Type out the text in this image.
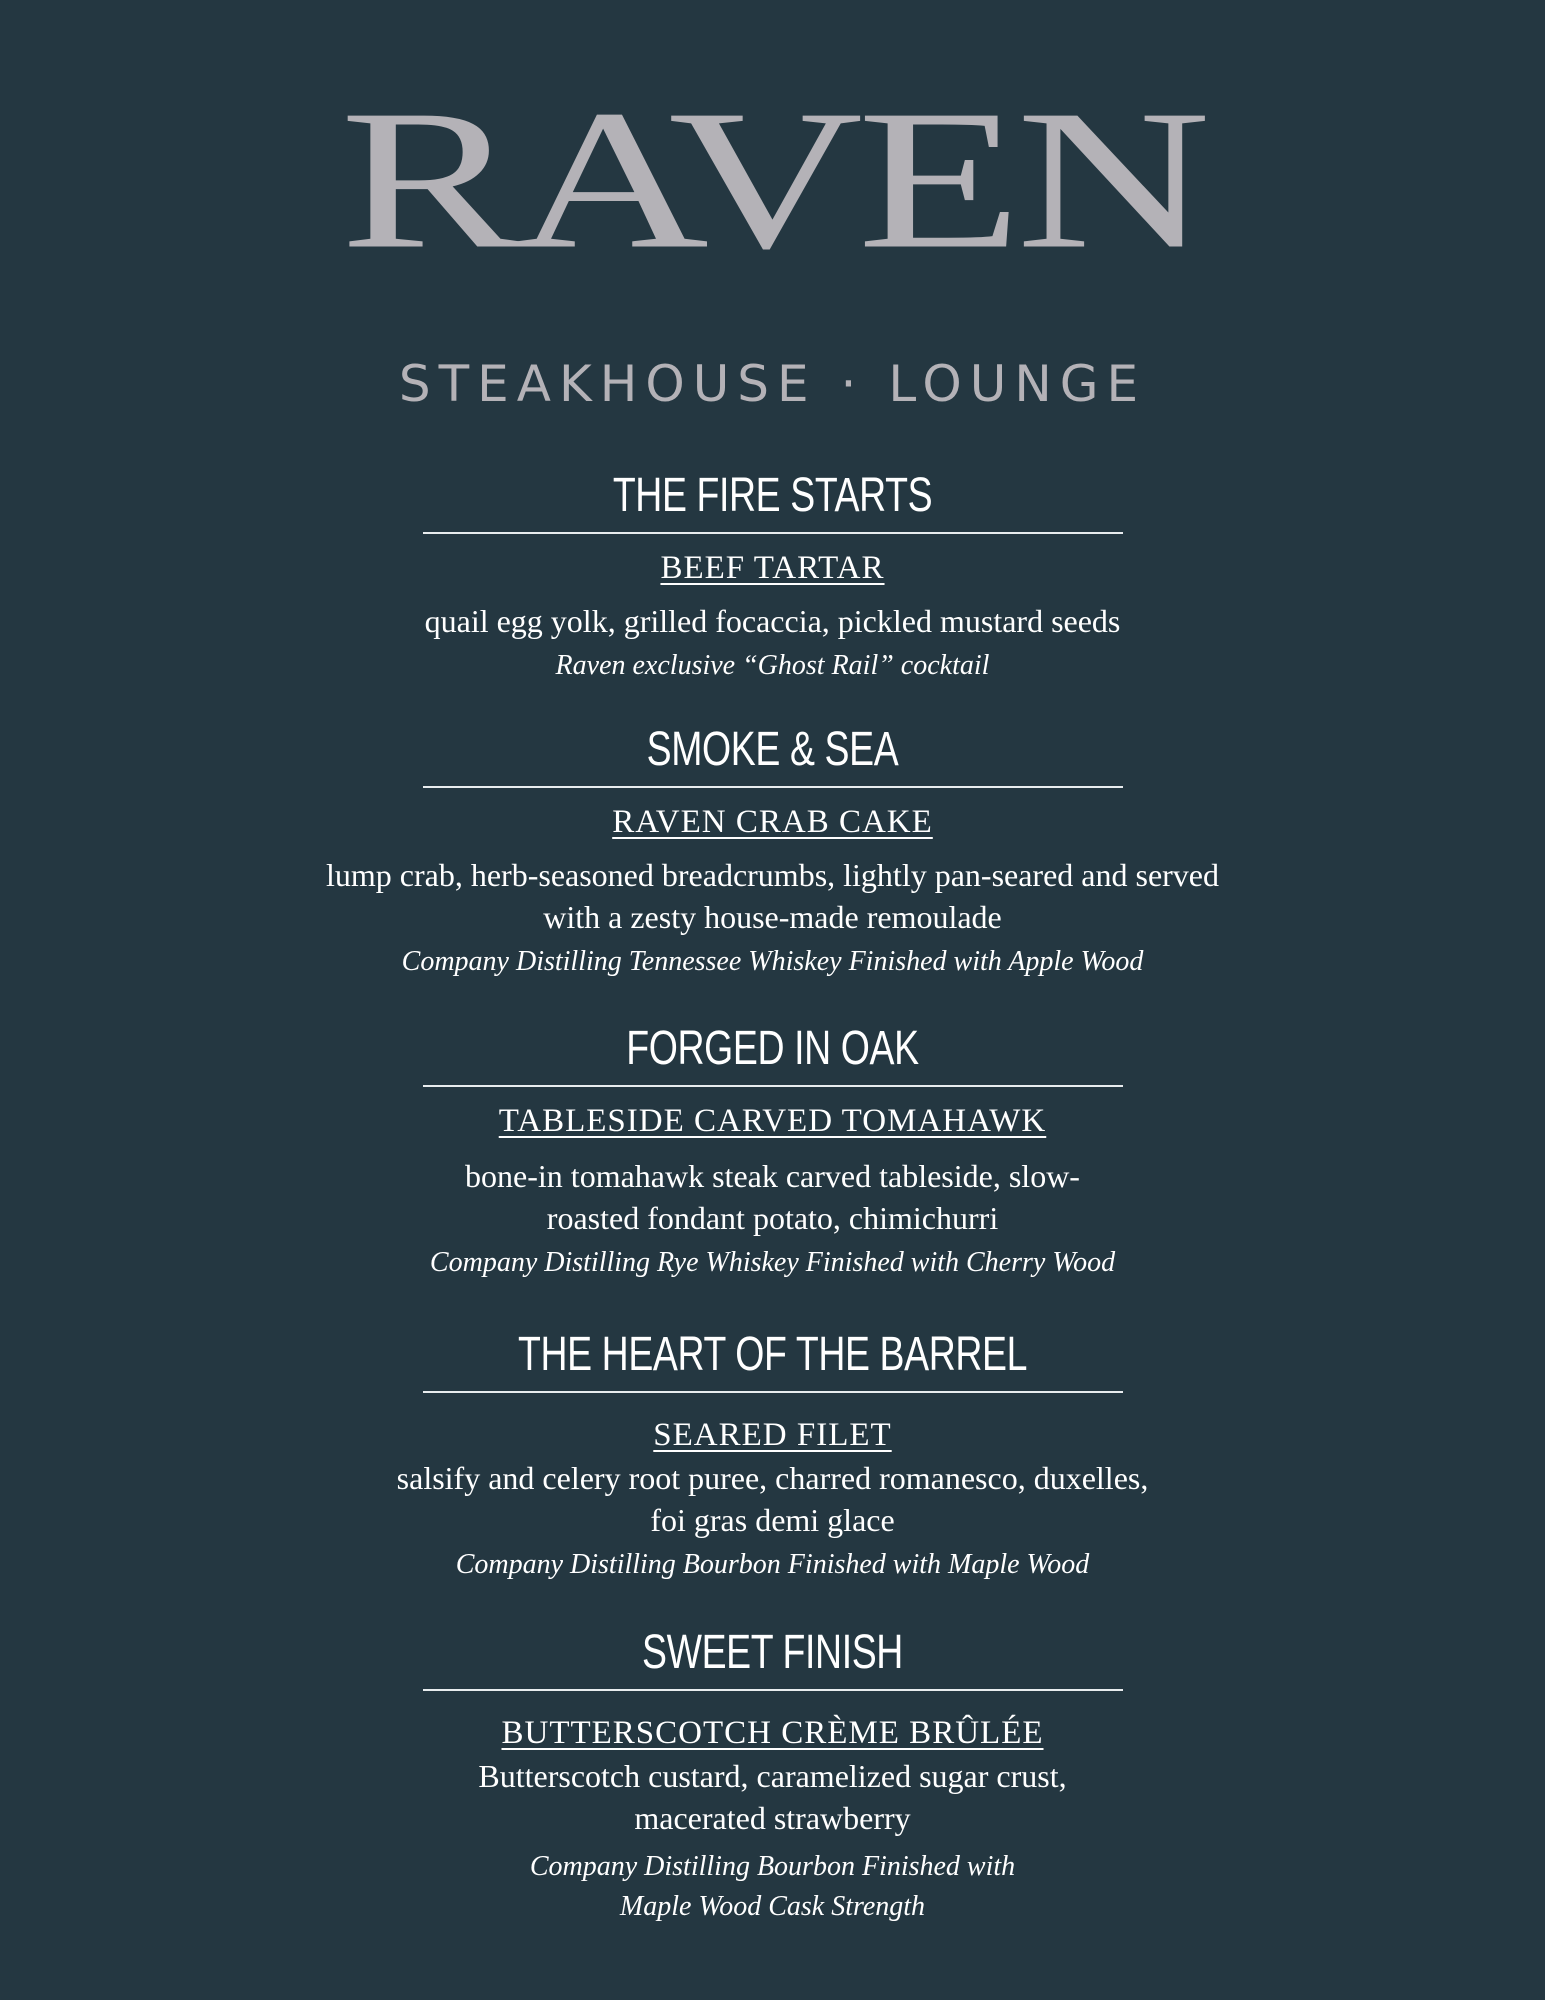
RAVEN
STEAKHOUSE · LOUNGE
THE FIRE STARTS
BEEF TARTAR
quail egg yolk, grilled focaccia, pickled mustard seeds
Raven exclusive “Ghost Rail” cocktail
SMOKE & SEA
RAVEN CRAB CAKE
lump crab, herb-seasoned breadcrumbs, lightly pan-seared and served with a zesty house-made remoulade
Company Distilling Tennessee Whiskey Finished with Apple Wood
FORGED IN OAK
TABLESIDE CARVED TOMAHAWK
bone-in tomahawk steak carved tableside, slow-roasted fondant potato, chimichurri
Company Distilling Rye Whiskey Finished with Cherry Wood
THE HEART OF THE BARREL
SEARED FILET
salsify and celery root puree, charred romanesco, duxelles, foi gras demi glace
Company Distilling Bourbon Finished with Maple Wood
SWEET FINISH
BUTTERSCOTCH CRÈME BRÛLÉE
Butterscotch custard, caramelized sugar crust, macerated strawberry
Company Distilling Bourbon Finished with Maple Wood Cask Strength
